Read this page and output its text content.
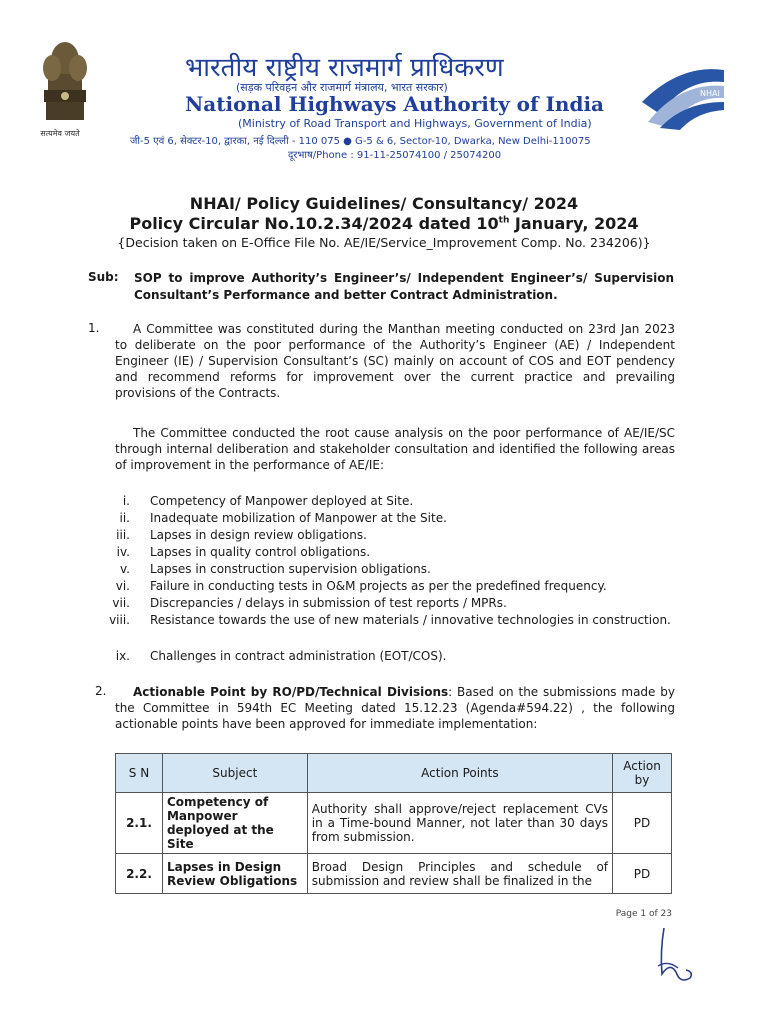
सत्यमेव जयते
भारतीय राष्ट्रीय राजमार्ग प्राधिकरण
(सड़क परिवहन और राजमार्ग मंत्रालय, भारत सरकार)
National Highways Authority of India
(Ministry of Road Transport and Highways, Government of India)
जी-5 एवं 6, सेक्टर-10, द्वारका, नई दिल्ली - 110 075 ● G-5 & 6, Sector-10, Dwarka, New Delhi-110075
दूरभाष/Phone : 91-11-25074100 / 25074200
NHAI
NHAI/ Policy Guidelines/ Consultancy/ 2024
Policy Circular No.10.2.34/2024 dated 10th January, 2024
{Decision taken on E-Office File No. AE/IE/Service_Improvement Comp. No. 234206)}
Sub: SOP to improve Authority’s Engineer’s/ Independent Engineer’s/ Supervision Consultant’s Performance and better Contract Administration.
1.	A Committee was constituted during the Manthan meeting conducted on 23rd Jan 2023 to deliberate on the poor performance of the Authority’s Engineer (AE) / Independent Engineer (IE) / Supervision Consultant’s (SC) mainly on account of COS and EOT pendency and recommend reforms for improvement over the current practice and prevailing provisions of the Contracts.
The Committee conducted the root cause analysis on the poor performance of AE/IE/SC through internal deliberation and stakeholder consultation and identified the following areas of improvement in the performance of AE/IE:
i. Competency of Manpower deployed at Site.
ii. Inadequate mobilization of Manpower at the Site.
iii. Lapses in design review obligations.
iv. Lapses in quality control obligations.
v. Lapses in construction supervision obligations.
vi. Failure in conducting tests in O&M projects as per the predefined frequency.
vii. Discrepancies / delays in submission of test reports / MPRs.
viii. Resistance towards the use of new materials / innovative technologies in construction.
ix. Challenges in contract administration (EOT/COS).
2.	Actionable Point by RO/PD/Technical Divisions: Based on the submissions made by the Committee in 594th EC Meeting dated 15.12.23 (Agenda#594.22) , the following actionable points have been approved for immediate implementation:
S N	Subject	Action Points	Action by
2.1.	Competency of Manpower deployed at the Site	Authority shall approve/reject replacement CVs in a Time-bound Manner, not later than 30 days from submission.	PD
2.2.	Lapses in Design Review Obligations	Broad Design Principles and schedule of submission and review shall be finalized in the	PD
Page 1 of 23
